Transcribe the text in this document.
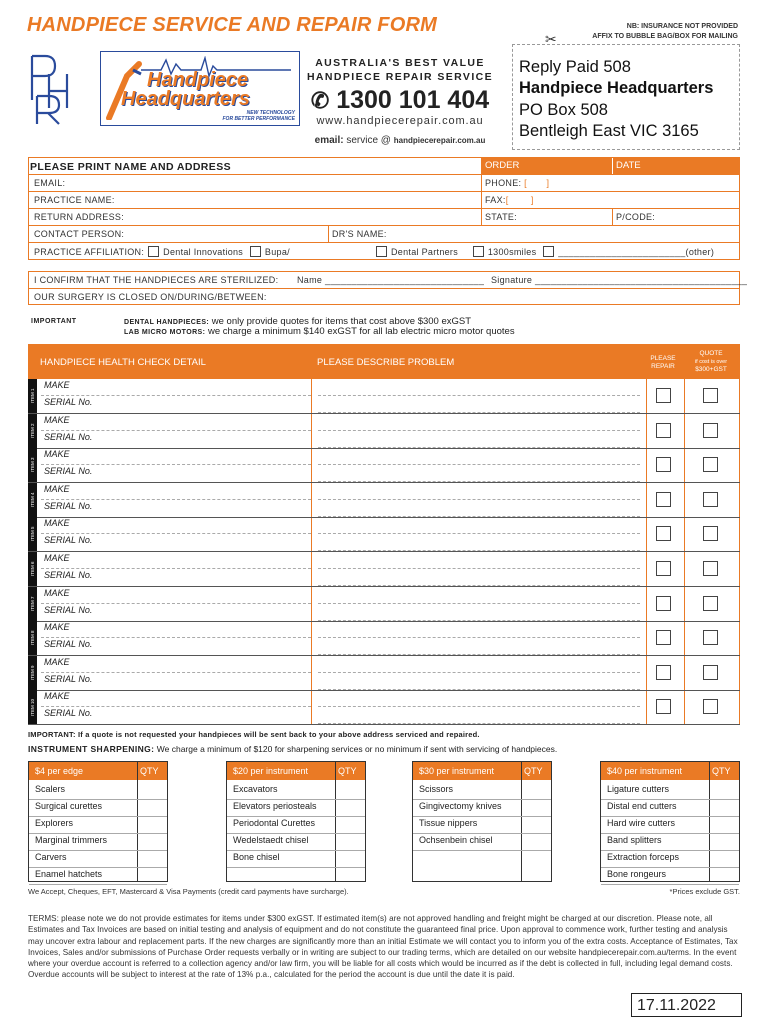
HANDPIECE SERVICE AND REPAIR FORM	NB: INSURANCE NOT PROVIDED
AFFIX TO BUBBLE BAG/BOX FOR MAILING
✂
Handpiece
Headquarters
NEW TECHNOLOGY
FOR BETTER PERFORMANCE
AUSTRALIA'S BEST VALUE
HANDPIECE REPAIR SERVICE
✆ 1300 101 404
www.handpiecerepair.com.au
email: service @ handpiecerepair.com.au
Reply Paid 508
Handpiece Headquarters
PO Box 508
Bentleigh East VIC 3165
PLEASE PRINT NAME AND ADDRESS	ORDER	DATE
EMAIL:	PHONE: [       ]
PRACTICE NAME:	FAX:[        ]
RETURN ADDRESS:	STATE:	P/CODE:
CONTACT PERSON:	DR'S NAME:
PRACTICE AFFILIATION: Dental Innovations Bupa/	Dental Partners	1300smiles ________________________(other)
I CONFIRM THAT THE HANDPIECES ARE STERILIZED: Name ______________________________ Signature ________________________________________
OUR SURGERY IS CLOSED ON/DURING/BETWEEN:
IMPORTANT	DENTAL HANDPIECES: we only provide quotes for items that cost above $300 exGST
LAB MICRO MOTORS: we charge a minimum $140 exGST for all lab electric micro motor quotes
HANDPIECE HEALTH CHECK DETAIL	PLEASE DESCRIBE PROBLEM	PLEASE
REPAIR
QUOTE
if cost is over
$300+GST
ITEM 1
MAKE
SERIAL No.
ITEM 2
MAKE
SERIAL No.
ITEM 3
MAKE
SERIAL No.
ITEM 4
MAKE
SERIAL No.
ITEM 5
MAKE
SERIAL No.
ITEM 6
MAKE
SERIAL No.
ITEM 7
MAKE
SERIAL No.
ITEM 8
MAKE
SERIAL No.
ITEM 9
MAKE
SERIAL No.
ITEM 10
MAKE
SERIAL No.
IMPORTANT: If a quote is not requested your handpieces will be sent back to your above address serviced and repaired.
INSTRUMENT SHARPENING: We charge a minimum of $120 for sharpening services or no minimum if sent with servicing of handpieces.
$4 per edge	QTY
Scalers
Surgical curettes
Explorers
Marginal trimmers
Carvers
Enamel hatchets
$20 per instrument	QTY
Excavators
Elevators periosteals
Periodontal Curettes
Wedelstaedt chisel
Bone chisel
$30 per instrument	QTY
Scissors
Gingivectomy knives
Tissue nippers
Ochsenbein chisel
$40 per instrument	QTY
Ligature cutters
Distal end cutters
Hard wire cutters
Band splitters
Extraction forceps
Bone rongeurs
We Accept, Cheques, EFT, Mastercard & Visa Payments (credit card payments have surcharge).	*Prices exclude GST.
TERMS: please note we do not provide estimates for items under $300 exGST. If estimated item(s) are not approved handling and freight might be charged at our discretion. Please note, all Estimates and Tax Invoices are based on initial testing and analysis of equipment and do not constitute the guaranteed final price. Upon approval to commence work, further testing and analysis may uncover extra labour and replacement parts. If the new charges are significantly more than an initial Estimate we will contact you to inform you of the extra costs. Acceptance of Estimates, Tax Invoices, Sales and/or submissions of Purchase Order requests verbally or in writing are subject to our trading terms, which are detailed on our website handpiecerepair.com.au/terms. In the event where your overdue account is referred to a collection agency and/or law firm, you will be liable for all costs which would be incurred as if the debt is collected in full, including legal demand costs. Overdue accounts will be subject to interest at the rate of 13% p.a., calculated for the period the account is due until the date it is paid.
17.11.2022
